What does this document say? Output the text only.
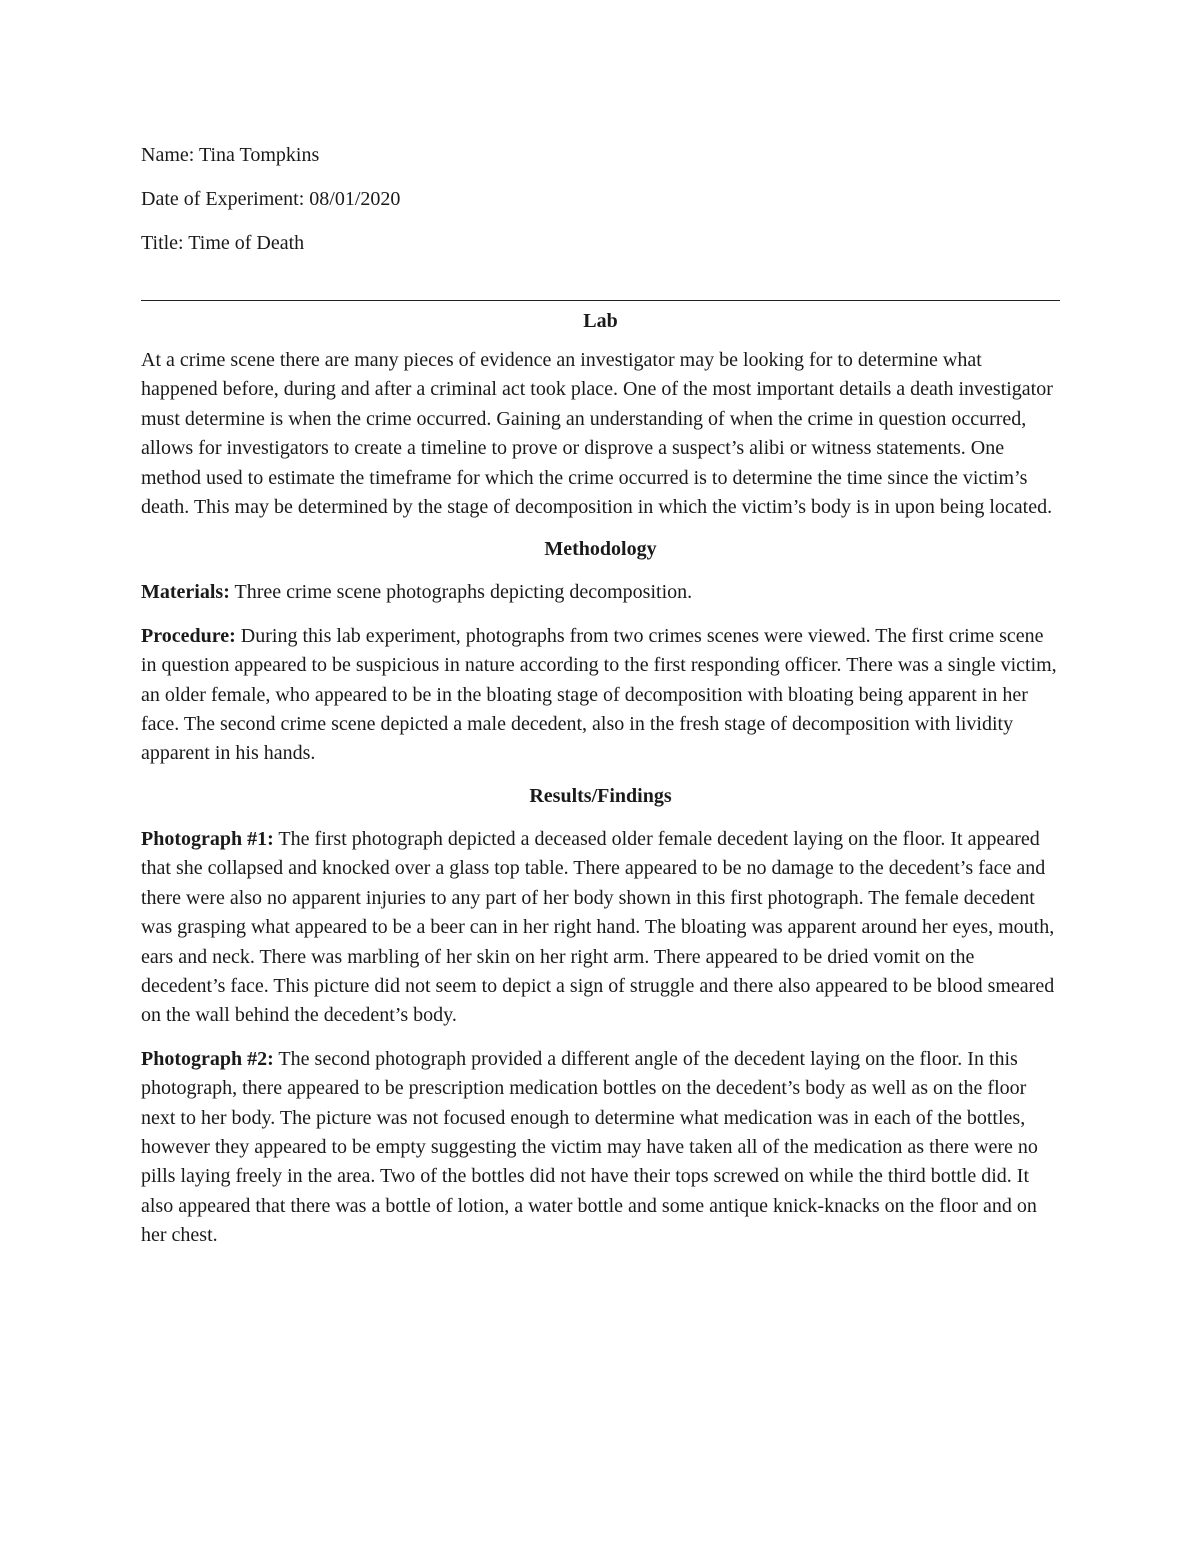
Name: Tina Tompkins

Date of Experiment: 08/01/2020

Title: Time of Death

Lab

At a crime scene there are many pieces of evidence an investigator may be looking for to determine what happened before, during and after a criminal act took place. One of the most important details a death investigator must determine is when the crime occurred. Gaining an understanding of when the crime in question occurred, allows for investigators to create a timeline to prove or disprove a suspect’s alibi or witness statements. One method used to estimate the timeframe for which the crime occurred is to determine the time since the victim’s death. This may be determined by the stage of decomposition in which the victim’s body is in upon being located.

Methodology

Materials: Three crime scene photographs depicting decomposition.

Procedure: During this lab experiment, photographs from two crimes scenes were viewed. The first crime scene in question appeared to be suspicious in nature according to the first responding officer. There was a single victim, an older female, who appeared to be in the bloating stage of decomposition with bloating being apparent in her face. The second crime scene depicted a male decedent, also in the fresh stage of decomposition with lividity apparent in his hands.

Results/Findings

Photograph #1: The first photograph depicted a deceased older female decedent laying on the floor. It appeared that she collapsed and knocked over a glass top table. There appeared to be no damage to the decedent’s face and there were also no apparent injuries to any part of her body shown in this first photograph. The female decedent was grasping what appeared to be a beer can in her right hand. The bloating was apparent around her eyes, mouth, ears and neck. There was marbling of her skin on her right arm. There appeared to be dried vomit on the decedent’s face. This picture did not seem to depict a sign of struggle and there also appeared to be blood smeared on the wall behind the decedent’s body.

Photograph #2: The second photograph provided a different angle of the decedent laying on the floor. In this photograph, there appeared to be prescription medication bottles on the decedent’s body as well as on the floor next to her body. The picture was not focused enough to determine what medication was in each of the bottles, however they appeared to be empty suggesting the victim may have taken all of the medication as there were no pills laying freely in the area. Two of the bottles did not have their tops screwed on while the third bottle did. It also appeared that there was a bottle of lotion, a water bottle and some antique knick-knacks on the floor and on her chest.
